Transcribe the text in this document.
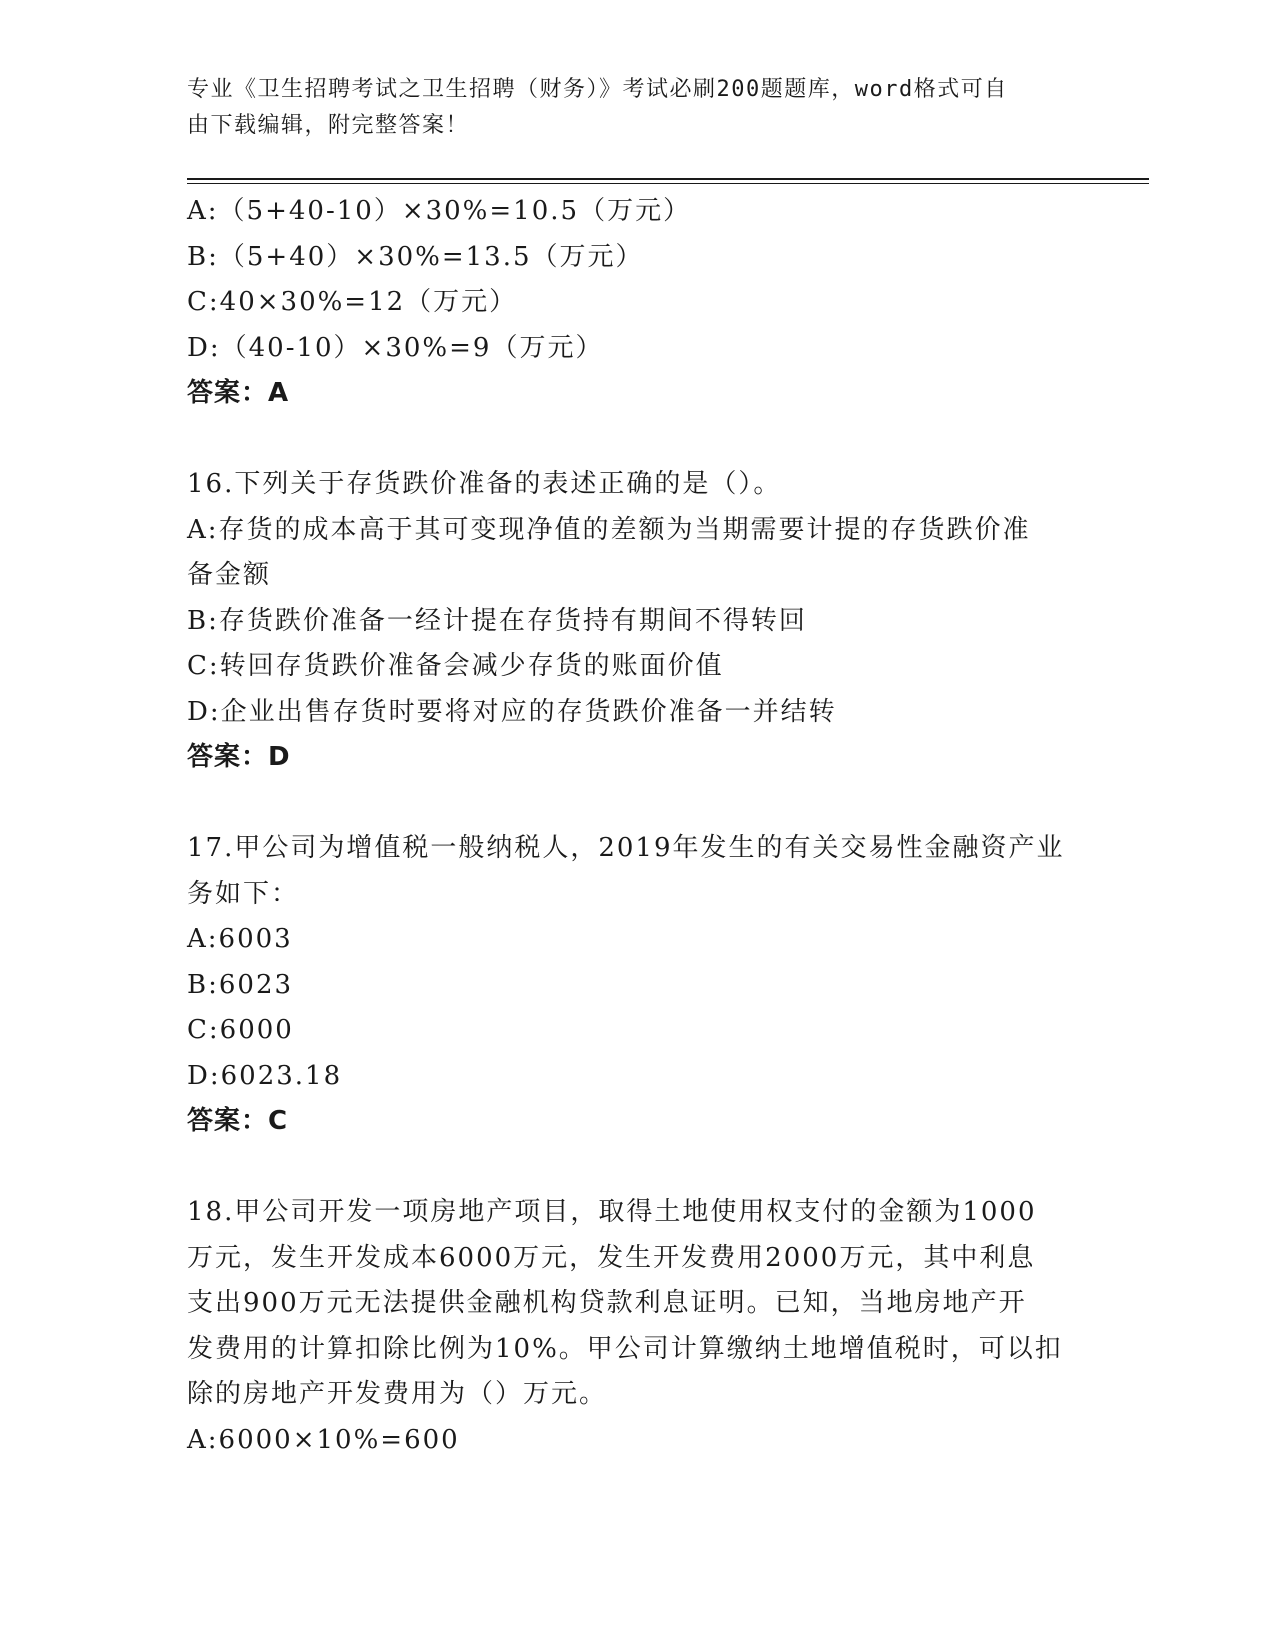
专业《卫生招聘考试之卫生招聘（财务）》考试必刷200题题库，word格式可自
由下载编辑，附完整答案！
A:（5+40-10）×30%=10.5（万元）
B:（5+40）×30%=13.5（万元）
C:40×30%=12（万元）
D:（40-10）×30%=9（万元）
答案：A
16.下列关于存货跌价准备的表述正确的是（）。
A:存货的成本高于其可变现净值的差额为当期需要计提的存货跌价准
备金额
B:存货跌价准备一经计提在存货持有期间不得转回
C:转回存货跌价准备会减少存货的账面价值
D:企业出售存货时要将对应的存货跌价准备一并结转
答案：D
17.甲公司为增值税一般纳税人，2019年发生的有关交易性金融资产业
务如下：
A:6003
B:6023
C:6000
D:6023.18
答案：C
18.甲公司开发一项房地产项目，取得土地使用权支付的金额为1000
万元，发生开发成本6000万元，发生开发费用2000万元，其中利息
支出900万元无法提供金融机构贷款利息证明。已知，当地房地产开
发费用的计算扣除比例为10%。甲公司计算缴纳土地增值税时，可以扣
除的房地产开发费用为（）万元。
A:6000×10%=600
